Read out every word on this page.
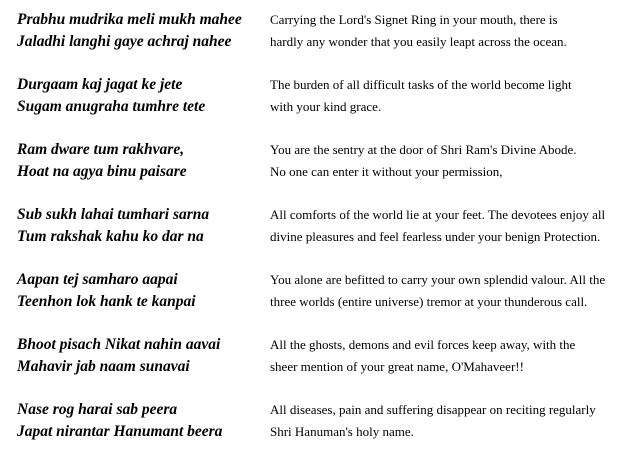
Prabhu mudrika meli mukh mahee
Jaladhi langhi gaye achraj nahee
Carrying the Lord's Signet Ring in your mouth, there is
hardly any wonder that you easily leapt across the ocean.
Durgaam kaj jagat ke jete
Sugam anugraha tumhre tete
The burden of all difficult tasks of the world become light
with your kind grace.
Ram dware tum rakhvare,
Hoat na agya binu paisare
You are the sentry at the door of Shri Ram's Divine Abode.
No one can enter it without your permission,
Sub sukh lahai tumhari sarna
Tum rakshak kahu ko dar na
All comforts of the world lie at your feet. The devotees enjoy all
divine pleasures and feel fearless under your benign Protection.
Aapan tej samharo aapai
Teenhon lok hank te kanpai
You alone are befitted to carry your own splendid valour. All the
three worlds (entire universe) tremor at your thunderous call.
Bhoot pisach Nikat nahin aavai
Mahavir jab naam sunavai
All the ghosts, demons and evil forces keep away, with the
sheer mention of your great name, O'Mahaveer!!
Nase rog harai sab peera
Japat nirantar Hanumant beera
All diseases, pain and suffering disappear on reciting regularly
Shri Hanuman's holy name.
